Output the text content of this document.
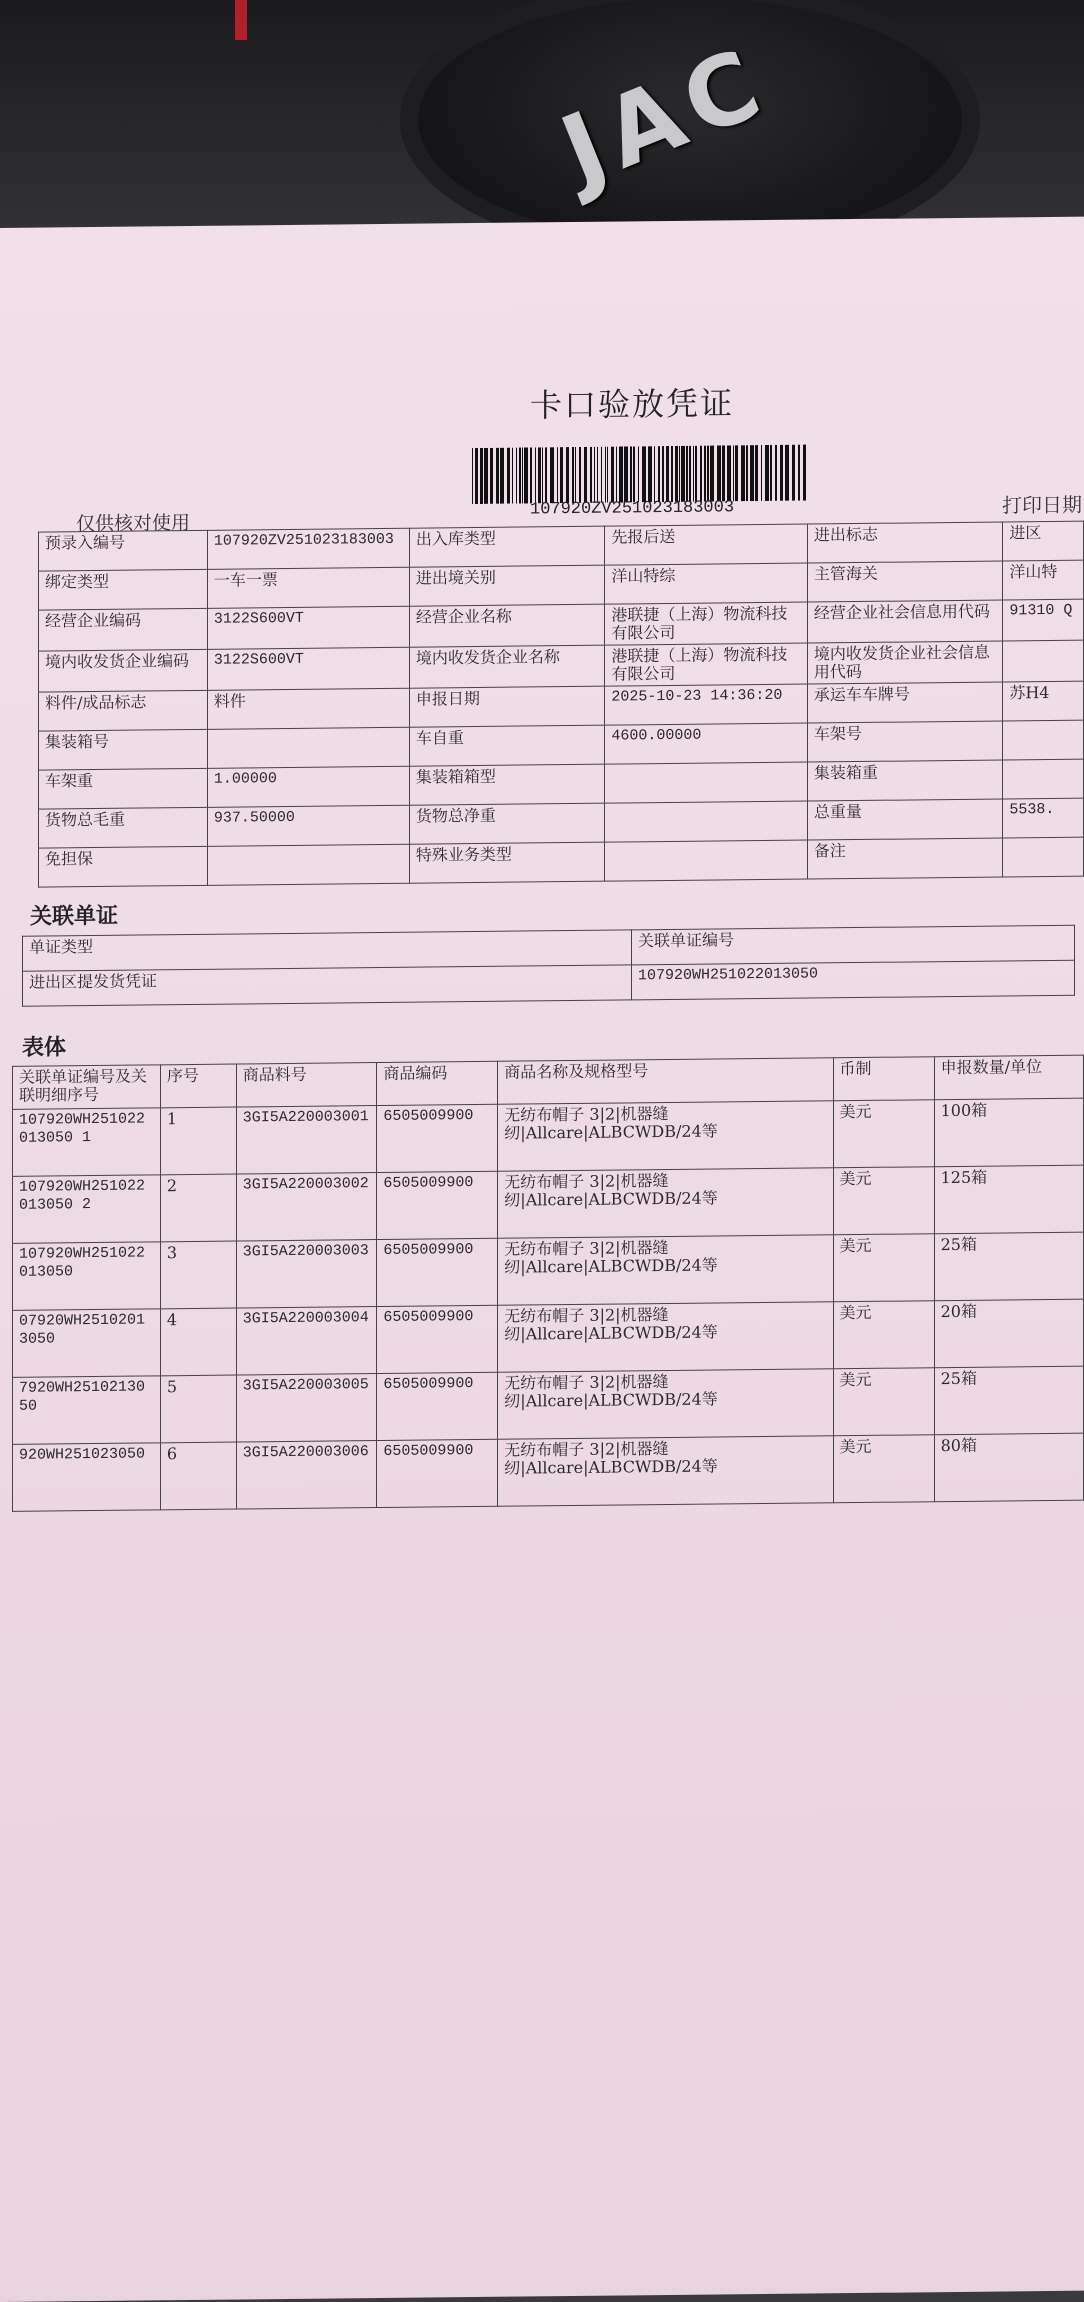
JAC
卡口验放凭证
107920ZV251023183003
仅供核对使用
打印日期
预录入编号	107920ZV251023183003	出入库类型	先报后送	进出标志	进区
绑定类型	一车一票	进出境关别	洋山特综	主管海关	洋山特
经营企业编码	3122S600VT	经营企业名称	港联捷（上海）物流科技有限公司	经营企业社会信息用代码	91310 Q
境内收发货企业编码	3122S600VT	境内收发货企业名称	港联捷（上海）物流科技有限公司	境内收发货企业社会信息用代码	
料件/成品标志	料件	申报日期	2025-10-23 14:36:20	承运车车牌号	苏H4
集装箱号		车自重	4600.00000	车架号	
车架重	1.00000	集装箱箱型		集装箱重	
货物总毛重	937.50000	货物总净重		总重量	5538.
免担保		特殊业务类型		备注	
关联单证
单证类型	关联单证编号
进出区提发货凭证	107920WH251022013050
表体
关联单证编号及关联明细序号	序号	商品料号	商品编码	商品名称及规格型号	币制	申报数量/单位
107920WH251022013050 1	1	3GI5A220003001	6505009900	无纺布帽子 3|2|机器缝纫|Allcare|ALBCWDB/24等	美元	100箱
107920WH251022013050 2	2	3GI5A220003002	6505009900	无纺布帽子 3|2|机器缝纫|Allcare|ALBCWDB/24等	美元	125箱
107920WH251022013050	3	3GI5A220003003	6505009900	无纺布帽子 3|2|机器缝纫|Allcare|ALBCWDB/24等	美元	25箱
07920WH25102013050	4	3GI5A220003004	6505009900	无纺布帽子 3|2|机器缝纫|Allcare|ALBCWDB/24等	美元	20箱
7920WH2510213050	5	3GI5A220003005	6505009900	无纺布帽子 3|2|机器缝纫|Allcare|ALBCWDB/24等	美元	25箱
920WH251023050	6	3GI5A220003006	6505009900	无纺布帽子 3|2|机器缝纫|Allcare|ALBCWDB/24等	美元	80箱
